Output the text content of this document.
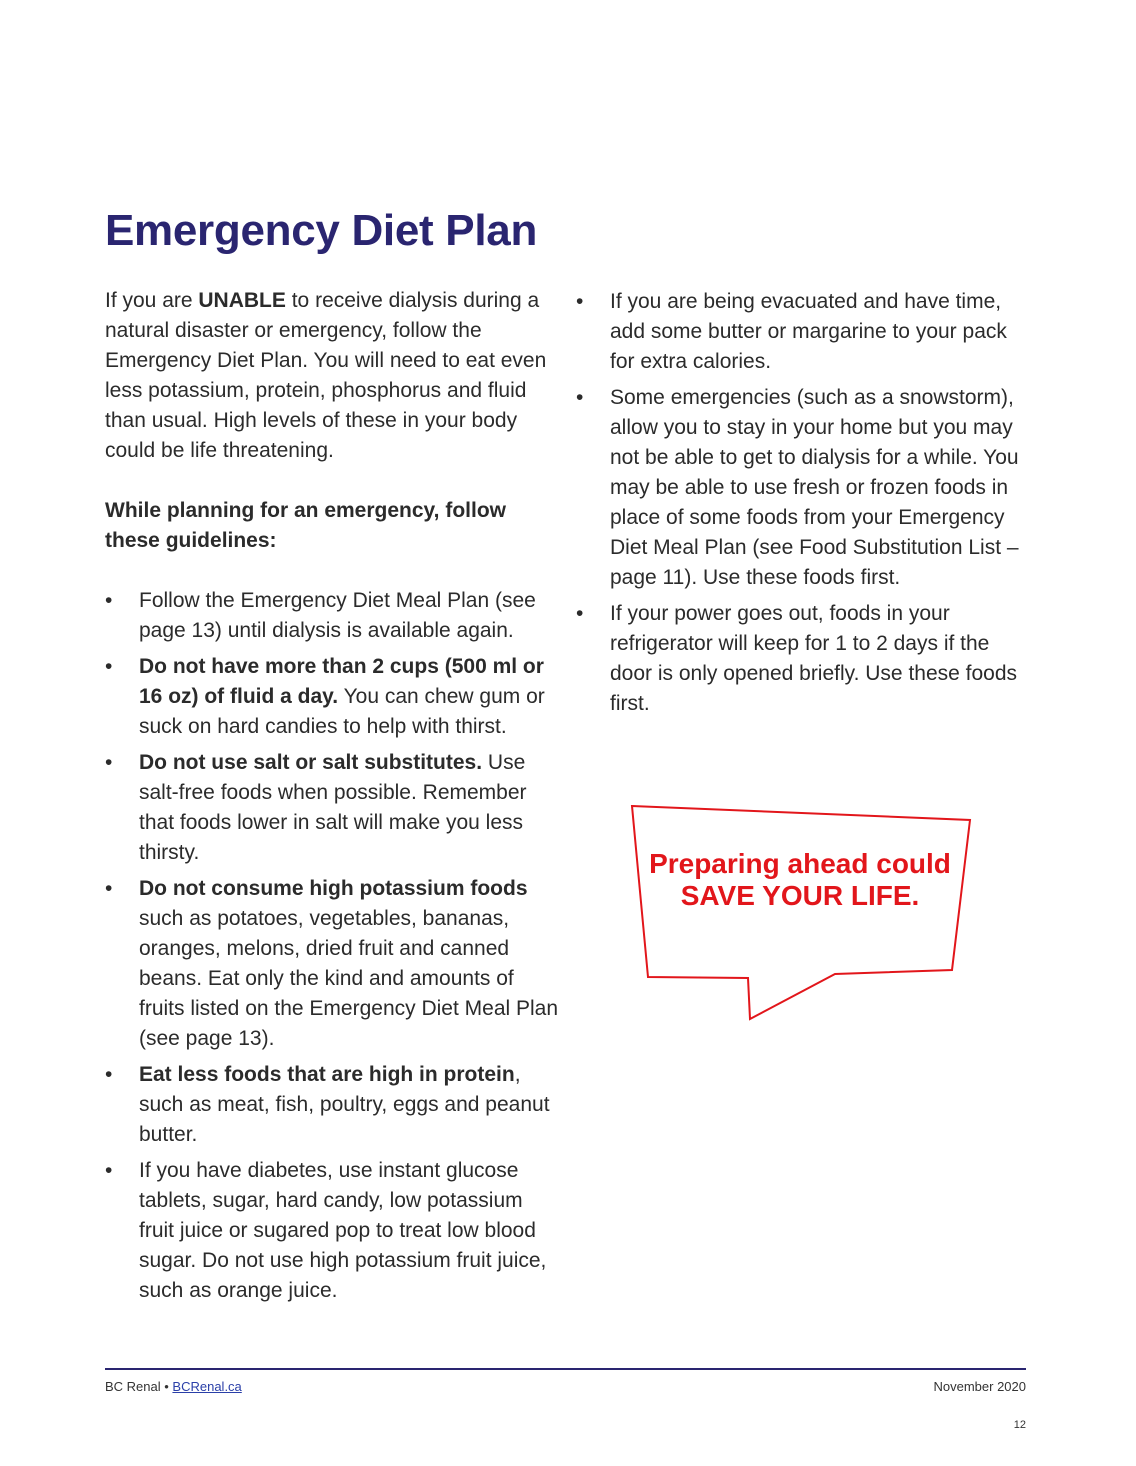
Emergency Diet Plan

If you are UNABLE to receive dialysis during a natural disaster or emergency, follow the Emergency Diet Plan. You will need to eat even less potassium, protein, phosphorus and fluid than usual. High levels of these in your body could be life threatening.

While planning for an emergency, follow these guidelines:

• Follow the Emergency Diet Meal Plan (see page 13) until dialysis is available again.
• Do not have more than 2 cups (500 ml or 16 oz) of fluid a day. You can chew gum or suck on hard candies to help with thirst.
• Do not use salt or salt substitutes. Use salt-free foods when possible. Remember that foods lower in salt will make you less thirsty.
• Do not consume high potassium foods such as potatoes, vegetables, bananas, oranges, melons, dried fruit and canned beans. Eat only the kind and amounts of fruits listed on the Emergency Diet Meal Plan (see page 13).
• Eat less foods that are high in protein, such as meat, fish, poultry, eggs and peanut butter.
• If you have diabetes, use instant glucose tablets, sugar, hard candy, low potassium fruit juice or sugared pop to treat low blood sugar. Do not use high potassium fruit juice, such as orange juice.
• If you are being evacuated and have time, add some butter or margarine to your pack for extra calories.
• Some emergencies (such as a snowstorm), allow you to stay in your home but you may not be able to get to dialysis for a while. You may be able to use fresh or frozen foods in place of some foods from your Emergency Diet Meal Plan (see Food Substitution List – page 11). Use these foods first.
• If your power goes out, foods in your refrigerator will keep for 1 to 2 days if the door is only opened briefly. Use these foods first.
Preparing ahead could
SAVE YOUR LIFE.
BC Renal • BCRenal.ca	November 2020
12
